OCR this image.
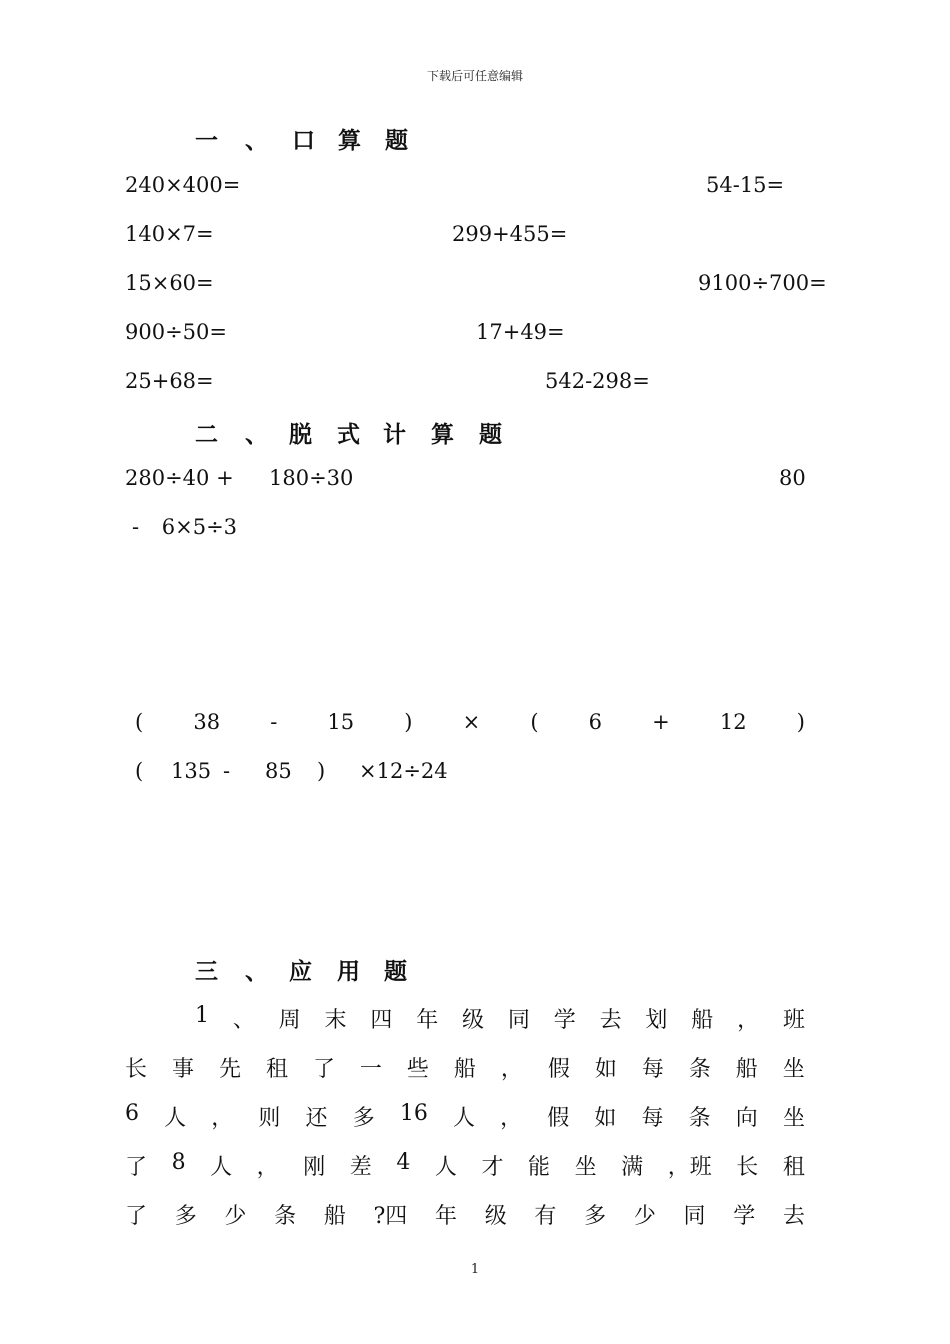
下载后可任意编辑
一 、 口 算 题
240×400=	54-15=
140×7=	299+455=
15×60=	9100÷700=
900÷50=	17+49=
25+68=	542-298=
二 、 脱 式 计 算 题
280÷40 + 180÷30	80
- 6×5÷3
( 38 - 15 ) × ( 6 + 12 )
( 135 - 85 ) ×12÷24
三 、 应 用 题
1 、 周 末 四 年 级 同 学 去 划 船 ， 班
长 事 先 租 了 一 些 船 ， 假 如 每 条 船 坐
6 人 ， 则 还 多 16 人 ， 假 如 每 条 向 坐
了 8 人 ， 刚 差 4 人 才 能 坐 满 ，班 长 租
了 多 少 条 船 ?四 年 级 有 多 少 同 学 去
1
